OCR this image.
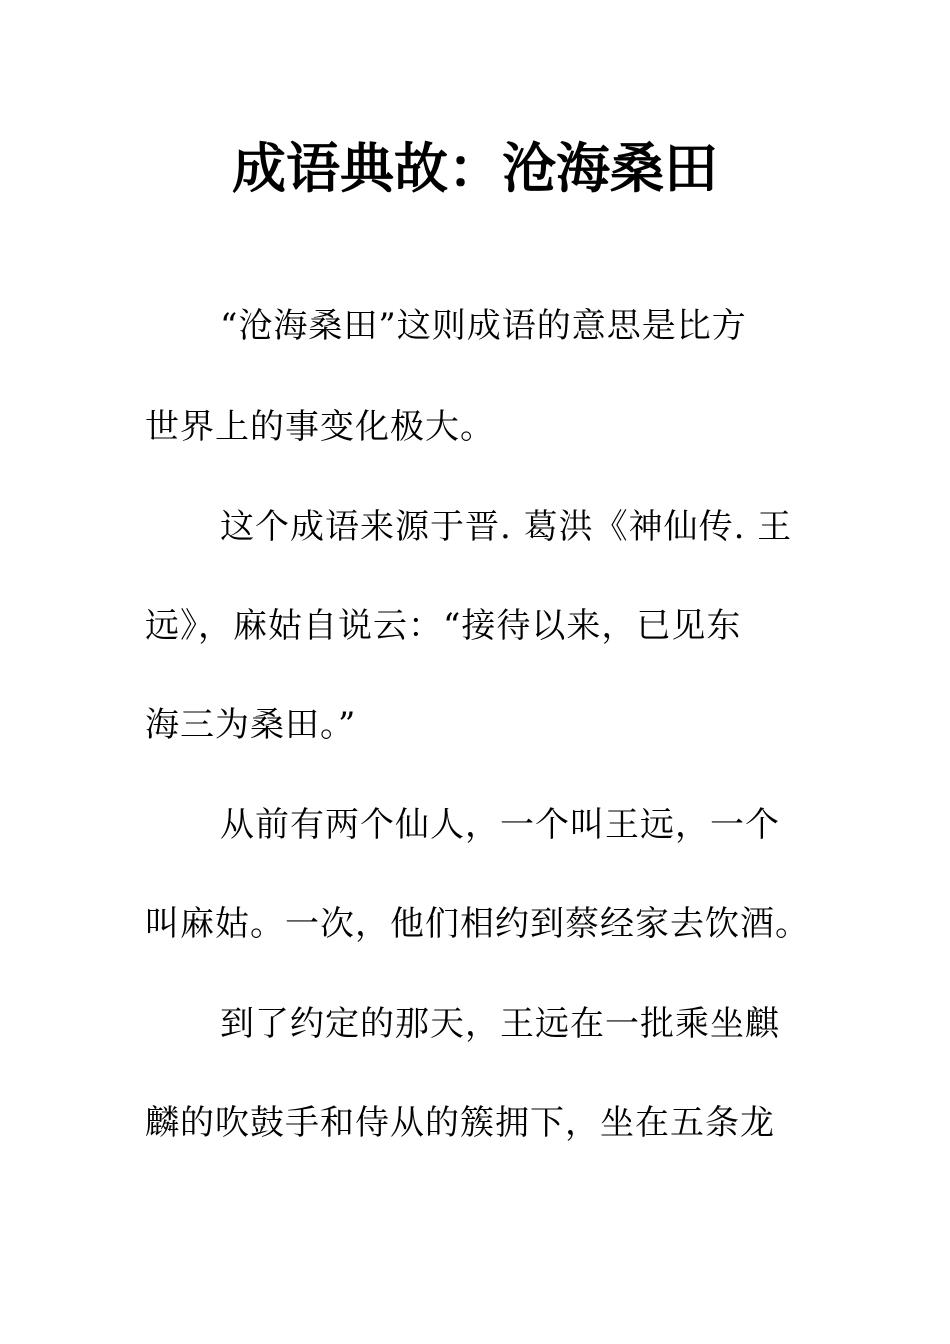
成语典故：沧海桑田
“沧海桑田”这则成语的意思是比方
世界上的事变化极大。
这个成语来源于晋. 葛洪《神仙传. 王
远》，麻姑自说云：“接待以来，已见东
海三为桑田。”
从前有两个仙人，一个叫王远，一个
叫麻姑。一次，他们相约到蔡经家去饮酒。
到了约定的那天，王远在一批乘坐麒
麟的吹鼓手和侍从的簇拥下，坐在五条龙
